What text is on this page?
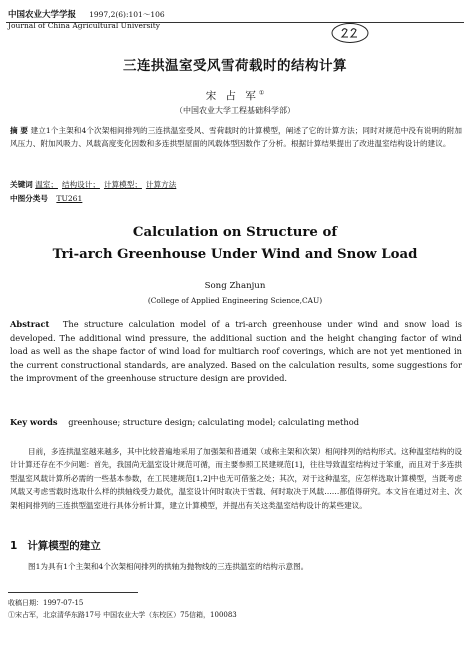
中国农业大学学报 1997,2(6):101～106
Journal of China Agricultural University
三连拱温室受风雪荷载时的结构计算
宋 占 军①
（中国农业大学工程基础科学部）
摘 要 建立1个主架和4个次架相间排列的三连拱温室受风、雪荷载时的计算模型，阐述了它的计算方法；同时对规范中没有说明的附加风压力、附加风吸力、风载高度变化因数和多连拱型屋面的风载体型因数作了分析。根据计算结果提出了改进温室结构设计的建议。
关键词 温室； 结构设计； 计算模型； 计算方法
中图分类号 TU261
Calculation on Structure of
Tri-arch Greenhouse Under Wind and Snow Load
Song Zhanjun
(College of Applied Engineering Science,CAU)
Abstract The structure calculation model of a tri-arch greenhouse under wind and snow load is developed. The additional wind pressure, the additional suction and the height changing factor of wind load as well as the shape factor of wind load for multiarch roof coverings, which are not yet mentioned in the current constructional standards, are analyzed. Based on the calculation results, some suggestions for the improvment of the greenhouse structure design are provided.
Key words greenhouse; structure design; calculating model; calculating method
目前，多连拱温室越来越多，其中比较普遍地采用了加强架和普通架（或称主架和次架）相间排列的结构形式。这种温室结构的设计计算还存在不少问题：首先，我国尚无温室设计规范可循，而主要参照工民建规范[1]，往往导致温室结构过于笨重，而且对于多连拱型温室风载计算所必需的一些基本参数，在工民建规范[1,2]中也无可借鉴之处；其次，对于这种温室，应怎样选取计算模型，当既考虑风载又考虑雪载时选取什么样的拱轴线受力最优，温室设计何时取决于雪载、何时取决于风载……都值得研究。本文旨在通过对主、次架相间排列的三连拱型温室进行具体分析计算，建立计算模型，并提出有关这类温室结构设计的某些建议。
1 计算模型的建立
图1为具有1个主架和4个次架相间排列的拱轴为抛物线的三连拱温室的结构示意图。
收稿日期：1997-07-15
①宋占军，北京清华东路17号 中国农业大学（东校区）75信箱，100083
